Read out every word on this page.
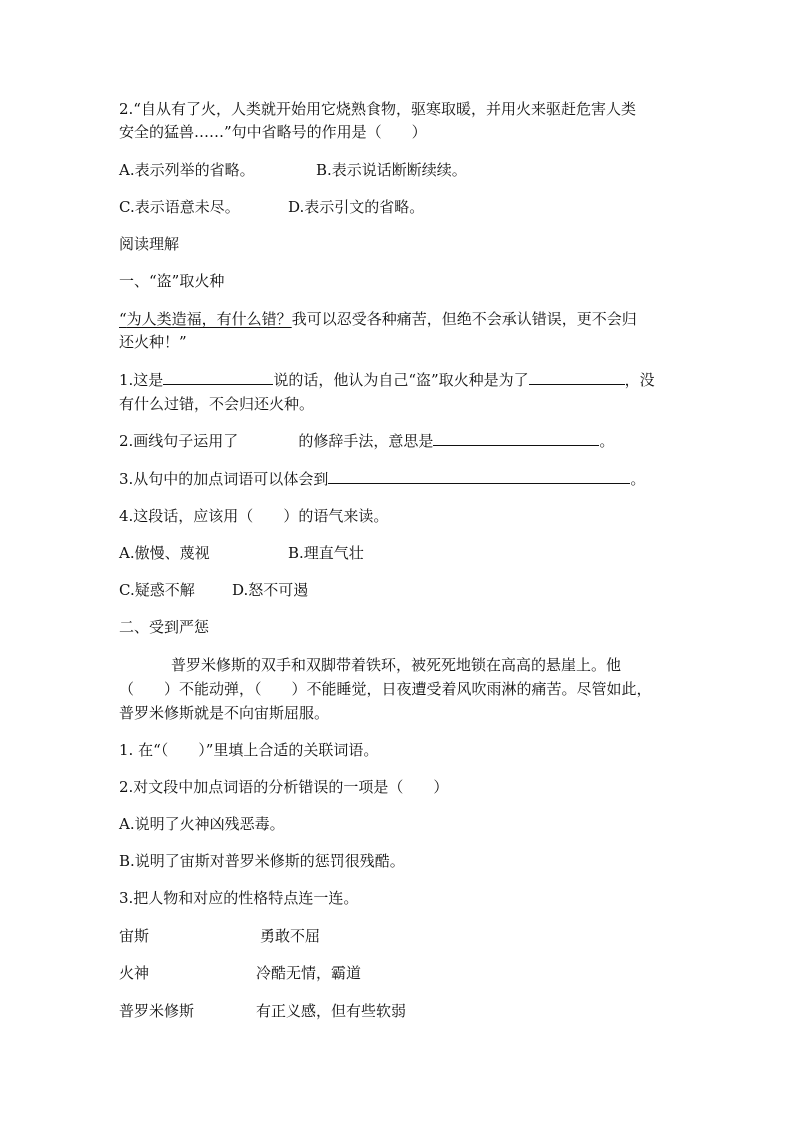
2.“自从有了火，人类就开始用它烧熟食物，驱寒取暖，并用火来驱赶危害人类
安全的猛兽……”句中省略号的作用是（　　）
A.表示列举的省略。	B.表示说话断断续续。
C.表示语意未尽。	D.表示引文的省略。
阅读理解
一、“盗”取火种
“为人类造福，有什么错？我可以忍受各种痛苦，但绝不会承认错误，更不会归
还火种！”
1.这是	说的话，他认为自己“盗”取火种是为了	，没
有什么过错，不会归还火种。
2.画线句子运用了	的修辞手法，意思是	。
3.从句中的加点词语可以体会到	。
4.这段话，应该用（　　）的语气来读。
A.傲慢、蔑视	B.理直气壮
C.疑惑不解 D.怒不可遏
二、受到严惩
普罗米修斯的双手和双脚带着铁环，被死死地锁在高高的悬崖上。他
（　　）不能动弹，（　　）不能睡觉，日夜遭受着风吹雨淋的痛苦。尽管如此，
普罗米修斯就是不向宙斯屈服。
1. 在“（　　）”里填上合适的关联词语。
2.对文段中加点词语的分析错误的一项是（　　）
A.说明了火神凶残恶毒。
B.说明了宙斯对普罗米修斯的惩罚很残酷。
3.把人物和对应的性格特点连一连。
宙斯	勇敢不屈
火神	冷酷无情，霸道
普罗米修斯	有正义感，但有些软弱
